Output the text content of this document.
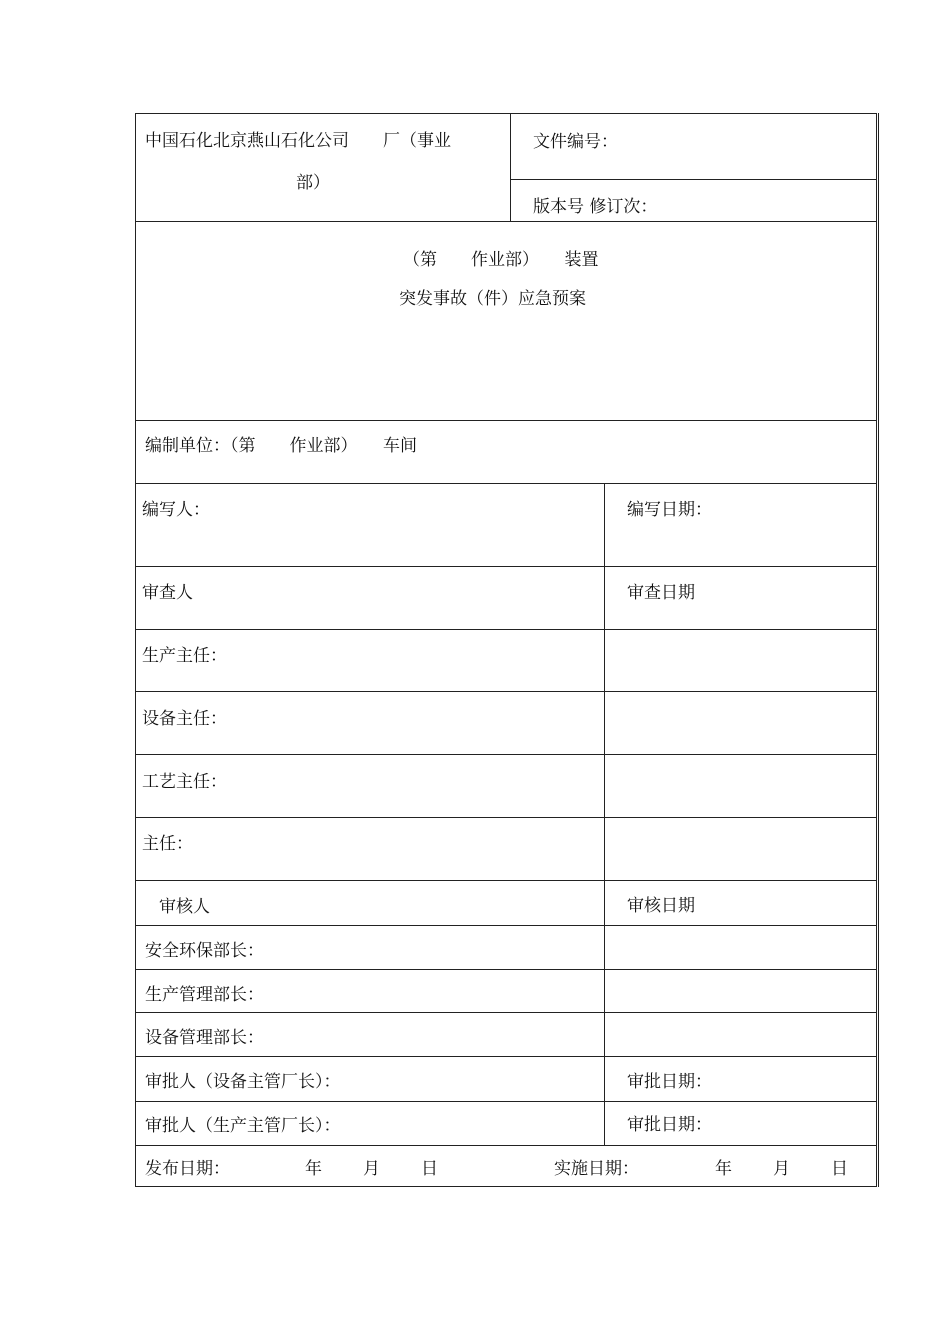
中国石化北京燕山石化公司　　厂（事业
部）
文件编号：
版本号 修订次：
（第　　作业部）　　装置
突发事故（件）应急预案
编制单位：（第　　作业部）　　车间
编写人：	编写日期：
审查人	审查日期
生产主任：
设备主任：
工艺主任：
主任：
审核人	审核日期
安全环保部长：
生产管理部长：
设备管理部长：
审批人（设备主管厂长）：	审批日期：
审批人（生产主管厂长）：	审批日期：
发布日期：	年 月 日	实施日期：	年 月 日
